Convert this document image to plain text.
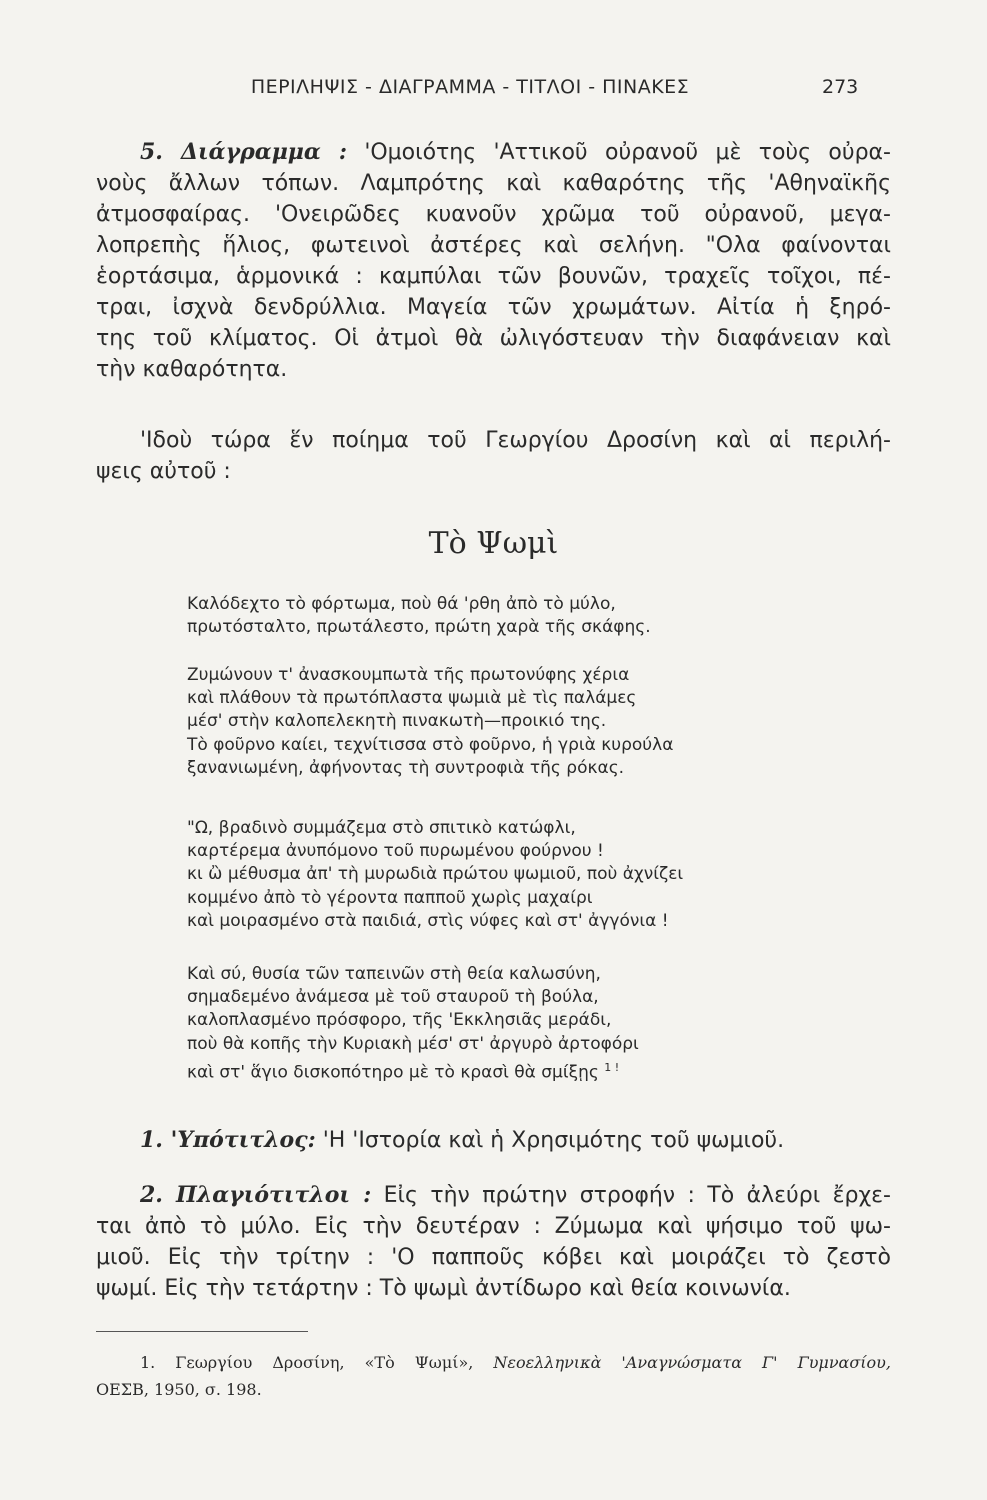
ΠΕΡΙΛΗΨΙΣ - ΔΙΑΓΡΑΜΜΑ - ΤΙΤΛΟΙ - ΠΙΝΑΚΕΣ	273

5. Διάγραμμα : 'Ομοιότης 'Αττικοῦ οὐρανοῦ μὲ τοὺς οὐρα-
νοὺς ἄλλων τόπων. Λαμπρότης καὶ καθαρότης τῆς 'Αθηναϊκῆς
ἀτμοσφαίρας. 'Ονειρῶδες κυανοῦν χρῶμα τοῦ οὐρανοῦ, μεγα-
λοπρεπὴς ἥλιος, φωτεινοὶ ἀστέρες καὶ σελήνη. "Ολα φαίνονται
ἑορτάσιμα, ἁρμονικά : καμπύλαι τῶν βουνῶν, τραχεῖς τοῖχοι, πέ-
τραι, ἰσχνὰ δενδρύλλια. Μαγεία τῶν χρωμάτων. Αἰτία ἡ ξηρό-
της τοῦ κλίματος. Οἱ ἀτμοὶ θὰ ὠλιγόστευαν τὴν διαφάνειαν καὶ
τὴν καθαρότητα.

'Ιδοὺ τώρα ἕν ποίημα τοῦ Γεωργίου Δροσίνη καὶ αἱ περιλή-
ψεις αὐτοῦ :

Τὸ Ψωμὶ

Καλόδεχτο τὸ φόρτωμα, ποὺ θά 'ρθη ἀπὸ τὸ μύλο,
πρωτόσταλτο, πρωτάλεστο, πρώτη χαρὰ τῆς σκάφης.

Ζυμώνουν τ' ἀνασκουμπωτὰ τῆς πρωτονύφης χέρια
καὶ πλάθουν τὰ πρωτόπλαστα ψωμιὰ μὲ τὶς παλάμες
μέσ' στὴν καλοπελεκητὴ πινακωτὴ—προικιό της.
Τὸ φοῦρνο καίει, τεχνίτισσα στὸ φοῦρνο, ἡ γριὰ κυρούλα
ξανανιωμένη, ἀφήνοντας τὴ συντροφιὰ τῆς ρόκας.

"Ω, βραδινὸ συμμάζεμα στὸ σπιτικὸ κατώφλι,
καρτέρεμα ἀνυπόμονο τοῦ πυρωμένου φούρνου !
κι ὢ μέθυσμα ἀπ' τὴ μυρωδιὰ πρώτου ψωμιοῦ, ποὺ ἀχνίζει
κομμένο ἀπὸ τὸ γέροντα παπποῦ χωρὶς μαχαίρι
καὶ μοιρασμένο στὰ παιδιά, στὶς νύφες καὶ στ' ἀγγόνια !

Καὶ σύ, θυσία τῶν ταπεινῶν στὴ θεία καλωσύνη,
σημαδεμένο ἀνάμεσα μὲ τοῦ σταυροῦ τὴ βούλα,
καλοπλασμένο πρόσφορο, τῆς 'Εκκλησιᾶς μεράδι,
ποὺ θὰ κοπῆς τὴν Κυριακὴ μέσ' στ' ἀργυρὸ ἀρτοφόρι
καὶ στ' ἅγιο δισκοπότηρο μὲ τὸ κρασὶ θὰ σμίξῃς $^{1 !}$

1. 'Υπότιτλος: 'Η 'Ιστορία καὶ ἡ Χρησιμότης τοῦ ψωμιοῦ.

2. Πλαγιότιτλοι : Εἰς τὴν πρώτην στροφήν : Τὸ ἀλεύρι ἔρχε-
ται ἀπὸ τὸ μύλο. Εἰς τὴν δευτέραν : Ζύμωμα καὶ ψήσιμο τοῦ ψω-
μιοῦ. Εἰς τὴν τρίτην : 'Ο παπποῦς κόβει καὶ μοιράζει τὸ ζεστὸ
ψωμί. Εἰς τὴν τετάρτην : Τὸ ψωμὶ ἀντίδωρο καὶ θεία κοινωνία.

1. Γεωργίου Δροσίνη, «Τὸ Ψωμί», Νεοελληνικὰ 'Αναγνώσματα Γ' Γυμνασίου,
ΟΕΣΒ, 1950, σ. 198.
